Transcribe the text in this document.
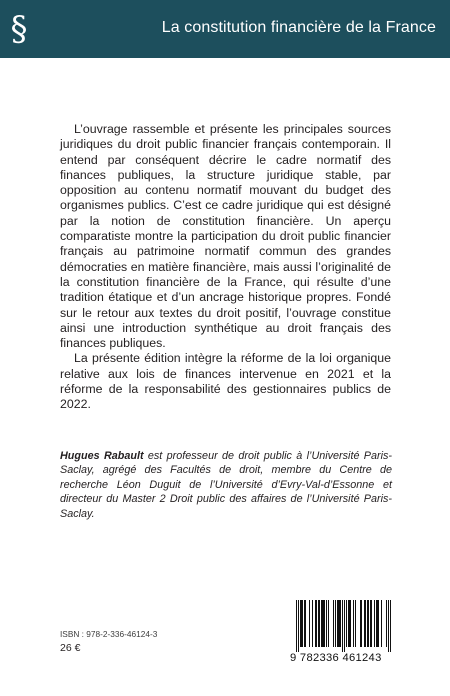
§	La constitution financière de la France

L’ouvrage rassemble et présente les principales sources juridiques du droit public financier français contemporain. Il entend par conséquent décrire le cadre normatif des finances publiques, la structure juridique stable, par opposition au contenu normatif mouvant du budget des organismes publics. C’est ce cadre juridique qui est désigné par la notion de constitution financière. Un aperçu comparatiste montre la participation du droit public financier français au patrimoine normatif commun des grandes démocraties en matière financière, mais aussi l’originalité de la constitution financière de la France, qui résulte d’une tradition étatique et d’un ancrage historique propres. Fondé sur le retour aux textes du droit positif, l’ouvrage constitue ainsi une introduction synthétique au droit français des finances publiques.

La présente édition intègre la réforme de la loi organique relative aux lois de finances intervenue en 2021 et la réforme de la responsabilité des gestionnaires publics de 2022.

Hugues Rabault est professeur de droit public à l’Université Paris-Saclay, agrégé des Facultés de droit, membre du Centre de recherche Léon Duguit de l’Université d’Evry-Val-d’Essonne et directeur du Master 2 Droit public des affaires de l’Université Paris-Saclay.
ISBN : 978-2-336-46124-3
26 €
9 782336 461243
